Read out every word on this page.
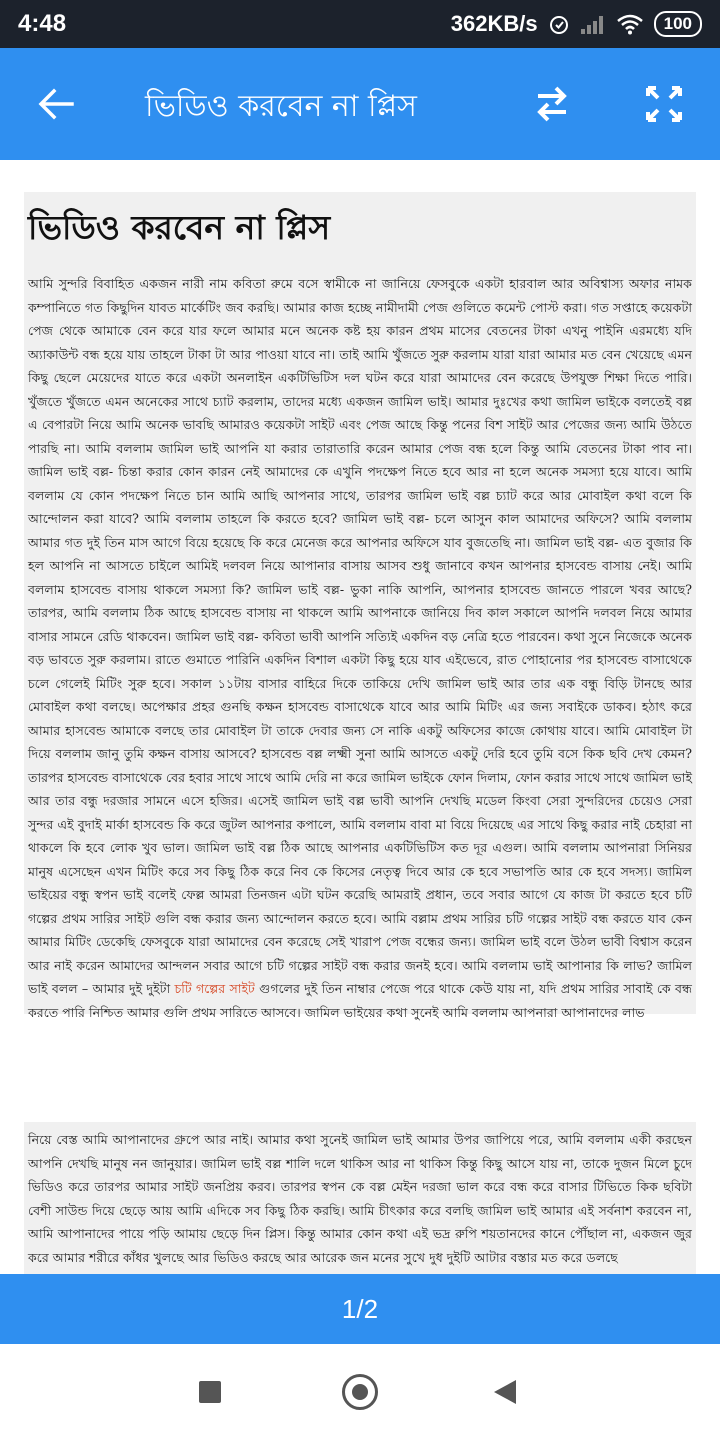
4:48	362KB/s	100
ভিডিও করবেন না প্লিস
ভিডিও করবেন না প্লিস

আমি সুন্দরি বিবাহিত একজন নারী নাম কবিতা রুমে বসে স্বামীকে না জানিয়ে ফেসবুকে একটা হারবাল আর অবিশ্বাস্য অফার নামক কম্পানিতে গত কিছুদিন যাবত মার্কেটিং জব করছি। আমার কাজ হচ্ছে নামীদামী পেজ গুলিতে কমেন্ট পোস্ট করা। গত সপ্তাহে কয়েকটা পেজ থেকে আমাকে বেন করে যার ফলে আমার মনে অনেক কষ্ট হয় কারন প্রথম মাসের বেতনের টাকা এখনু পাইনি এরমধ্যে যদি অ্যাকাউন্ট বন্ধ হয়ে যায় তাহলে টাকা টা আর পাওয়া যাবে না। তাই আমি খুঁজতে সুরু করলাম যারা যারা আমার মত বেন খেয়েছে এমন কিছু ছেলে মেয়েদের যাতে করে একটা অনলাইন একটিভিটিস দল ঘটন করে যারা আমাদের বেন করেছে উপযুক্ত শিক্ষা দিতে পারি। খুঁজতে খুঁজতে এমন অনেকের সাথে চ্যাট করলাম, তাদের মধ্যে একজন জামিল ভাই। আমার দুঃখের কথা জামিল ভাইকে বলতেই বল্ল এ বেপারটা নিয়ে আমি অনেক ভাবছি আমারও কয়েকটা সাইট এবং পেজ আছে কিন্তু পনের বিশ সাইট আর পেজের জন্য আমি উঠতে পারছি না। আমি বললাম জামিল ভাই আপনি যা করার তারাতারি করেন আমার পেজ বন্ধ হলে কিন্তু আমি বেতনের টাকা পাব না। জামিল ভাই বল্ল- চিন্তা করার কোন কারন নেই আমাদের কে এখুনি পদক্ষেপ নিতে হবে আর না হলে অনেক সমস্যা হয়ে যাবে। আমি বললাম যে কোন পদক্ষেপ নিতে চান আমি আছি আপনার সাথে, তারপর জামিল ভাই বল্ল চ্যাট করে আর মোবাইল কথা বলে কি আন্দোলন করা যাবে? আমি বললাম তাহলে কি করতে হবে? জামিল ভাই বল্ল- চলে আসুন কাল আমাদের অফিসে? আমি বললাম আমার গত দুই তিন মাস আগে বিয়ে হয়েছে কি করে মেনেজ করে আপনার অফিসে যাব বুজতেছি না। জামিল ভাই বল্ল- এত বুজার কি হল আপনি না আসতে চাইলে আমিই দলবল নিয়ে আপানার বাসায় আসব শুধু জানাবে কখন আপনার হাসবেন্ড বাসায় নেই। আমি বললাম হাসবেন্ড বাসায় থাকলে সমস্যা কি? জামিল ভাই বল্ল- ভুকা নাকি আপনি, আপনার হাসবেন্ড জানতে পারলে খবর আছে? তারপর, আমি বললাম ঠিক আছে হাসবেন্ড বাসায় না থাকলে আমি আপনাকে জানিয়ে দিব কাল সকালে আপনি দলবল নিয়ে আমার বাসার সামনে রেডি থাকবেন। জামিল ভাই বল্ল- কবিতা ভাবী আপনি সত্যিই একদিন বড় নেত্রি হতে পারবেন। কথা সুনে নিজেকে অনেক বড় ভাবতে সুরু করলাম। রাতে গুমাতে পারিনি একদিন বিশাল একটা কিছু হয়ে যাব এইভেবে, রাত পোহানোর পর হাসবেন্ড বাসাথেকে চলে গেলেই মিটিং সুরু হবে। সকাল ১১টায় বাসার বাহিরে দিকে তাকিয়ে দেখি জামিল ভাই আর তার এক বন্ধু বিড়ি টানছে আর মোবাইল কথা বলছে। অপেক্ষার প্রহর গুনছি কক্ষন হাসবেন্ড বাসাথেকে যাবে আর আমি মিটিং এর জন্য সবাইকে ডাকব। হঠাৎ করে আমার হাসবেন্ড আমাকে বলছে তার মোবাইল টা তাকে দেবার জন্য সে নাকি একটু অফিসের কাজে কোথায় যাবে। আমি মোবাইল টা দিয়ে বললাম জানু তুমি কক্ষন বাসায় আসবে? হাসবেন্ড বল্ল লক্ষ্মী সুনা আমি আসতে একটু দেরি হবে তুমি বসে কিক ছবি দেখ কেমন? তারপর হাসবেন্ড বাসাথেকে বের হবার সাথে সাথে আমি দেরি না করে জামিল ভাইকে ফোন দিলাম, ফোন করার সাথে সাথে জামিল ভাই আর তার বন্ধু দরজার সামনে এসে হজির। এসেই জামিল ভাই বল্ল ভাবী আপনি দেখছি মডেল কিংবা সেরা সুন্দরিদের চেয়েও সেরা সুন্দর এই বুদাই মার্কা হাসবেন্ড কি করে জুটল আপনার কপালে, আমি বললাম বাবা মা বিয়ে দিয়েছে এর সাথে কিছু করার নাই চেহারা না থাকলে কি হবে লোক খুব ভাল। জামিল ভাই বল্ল ঠিক আছে আপনার একটিভিটিস কত দূর এগুল। আমি বললাম আপনারা সিনিয়র মানুষ এসেছেন এখন মিটিং করে সব কিছু ঠিক করে নিব কে কিসের নেতৃত্ব দিবে আর কে হবে সভাপতি আর কে হবে সদস্য। জামিল ভাইয়ের বন্ধু স্বপন ভাই বলেই ফেল্ল আমরা তিনজন এটা ঘটন করেছি আমরাই প্রধান, তবে সবার আগে যে কাজ টা করতে হবে চটি গল্পের প্রথম সারির সাইট গুলি বন্ধ করার জন্য আন্দোলন করতে হবে। আমি বল্লাম প্রথম সারির চটি গল্পের সাইট বন্ধ করতে যাব কেন আমার মিটিং ডেকেছি ফেসবুকে যারা আমাদের বেন করেছে সেই খারাপ পেজ বন্ধের জন্য। জামিল ভাই বলে উঠল ভাবী বিশ্বাস করেন আর নাই করেন আমাদের আন্দলন সবার আগে চটি গল্পের সাইট বন্ধ করার জনই হবে। আমি বললাম ভাই আপানার কি লাভ? জামিল ভাই বলল – আমার দুই দুইটা চটি গল্পের সাইট গুগলের দুই তিন নাম্বার পেজে পরে থাকে কেউ যায় না, যদি প্রথম সারির সাবাই কে বন্ধ করতে পারি নিশ্চিত আমার গুলি প্রথম সারিতে আসবে। জামিল ভাইয়ের কথা সুনেই আমি বললাম আপনারা আপানাদের লাভ

নিয়ে বেস্ত আমি আপানাদের গ্রুপে আর নাই। আমার কথা সুনেই জামিল ভাই আমার উপর জাপিয়ে পরে, আমি বললাম একী করছেন আপনি দেখছি মানুষ নন জানুয়ার। জামিল ভাই বল্ল শালি দলে থাকিস আর না থাকিস কিন্তু কিছু আসে যায় না, তাকে দুজন মিলে চুদে ভিডিও করে তারপর আমার সাইট জনপ্রিয় করব। তারপর স্বপন কে বল্ল মেইন দরজা ভাল করে বন্ধ করে বাসার টিভিতে কিক ছবিটা বেশী সাউন্ড দিয়ে ছেড়ে আয় আমি এদিকে সব কিছু ঠিক করছি। আমি চীৎকার করে বলছি জামিল ভাই আমার এই সর্বনাশ করবেন না, আমি আপানাদের পায়ে পড়ি আমায় ছেড়ে দিন প্লিস। কিন্তু আমার কোন কথা এই ভদ্র রুপি শয়তানদের কানে পৌঁছাল না, একজন জুর করে আমার শরীরে কাঁধর খুলছে আর ভিডিও করছে আর আরেক জন মনের সুখে দুধ দুইটি আটার বস্তার মত করে ডলছে

1/2
